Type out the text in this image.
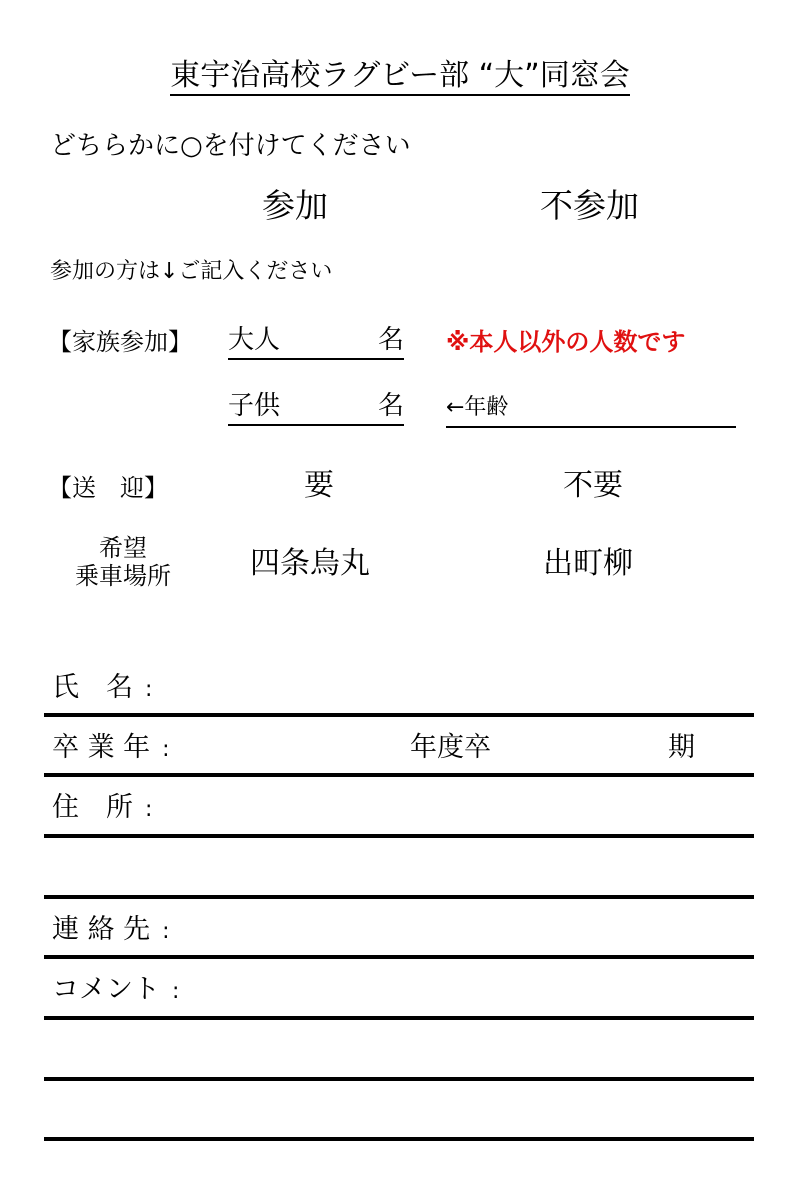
東宇治高校ラグビー部 “大”同窓会
どちらかに○を付けてください
参加	不参加
参加の方は↓ご記入ください
【家族参加】 大人	名 ※本人以外の人数です
子供	名 ←年齢
【送　迎】	要	不要
希望
乗車場所	四条烏丸	出町柳
氏　名 :
卒 業 年 :	年度卒	期
住　所 :
連 絡 先 :
コメント :
